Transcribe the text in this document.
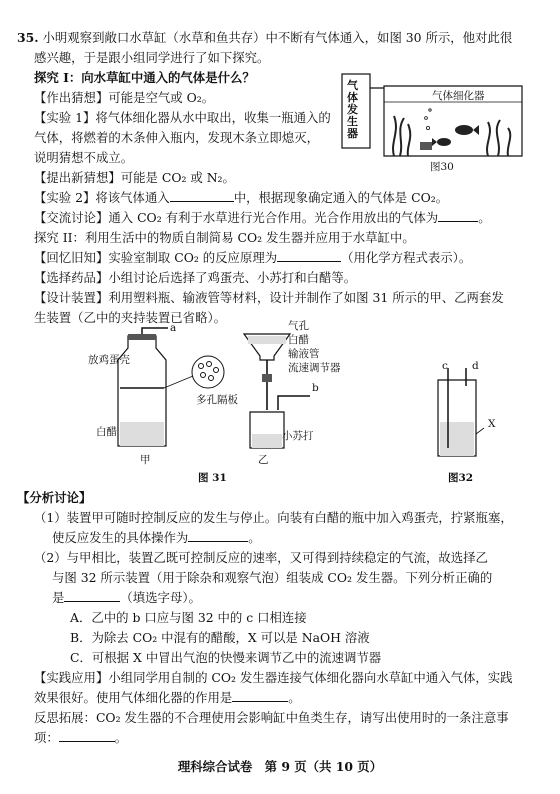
35. 小明观察到敞口水草缸（水草和鱼共存）中不断有气体通入，如图 30 所示，他对此很
感兴趣，于是跟小组同学进行了如下探究。
探究 I：向水草缸中通入的气体是什么？
【作出猜想】可能是空气或 O₂。
【实验 1】将气体细化器从水中取出，收集一瓶通入的
气体，将燃着的木条伸入瓶内，发现木条立即熄灭，
说明猜想不成立。
【提出新猜想】可能是 CO₂ 或 N₂。
【实验 2】将该气体通入	中，根据现象确定通入的气体是 CO₂。
【交流讨论】通入 CO₂ 有利于水草进行光合作用。光合作用放出的气体为	。
探究 II：利用生活中的物质自制简易 CO₂ 发生器并应用于水草缸中。
【回忆旧知】实验室制取 CO₂ 的反应原理为	（用化学方程式表示）。
【选择药品】小组讨论后选择了鸡蛋壳、小苏打和白醋等。
【设计装置】利用塑料瓶、输液管等材料，设计并制作了如图 31 所示的甲、乙两套发
生装置（乙中的夹持装置已省略）。
气体发生器
气体细化器
图30
放鸡蛋壳
a
多孔隔板
白醋
甲
气孔
白醋
输液管
流速调节器
b
小苏打
乙
图 31
c d
X
图32
【分析讨论】
（1）装置甲可随时控制反应的发生与停止。向装有白醋的瓶中加入鸡蛋壳，拧紧瓶塞，
使反应发生的具体操作为	。
（2）与甲相比，装置乙既可控制反应的速率，又可得到持续稳定的气流，故选择乙
与图 32 所示装置（用于除杂和观察气泡）组装成 CO₂ 发生器。下列分析正确的
是	（填选字母）。
A．乙中的 b 口应与图 32 中的 c 口相连接
B．为除去 CO₂ 中混有的醋酸，X 可以是 NaOH 溶液
C．可根据 X 中冒出气泡的快慢来调节乙中的流速调节器
【实践应用】小组同学用自制的 CO₂ 发生器连接气体细化器向水草缸中通入气体，实践
效果很好。使用气体细化器的作用是	。
反思拓展：CO₂ 发生器的不合理使用会影响缸中鱼类生存，请写出使用时的一条注意事
项：	。
理科综合试卷　第 9 页（共 10 页）
